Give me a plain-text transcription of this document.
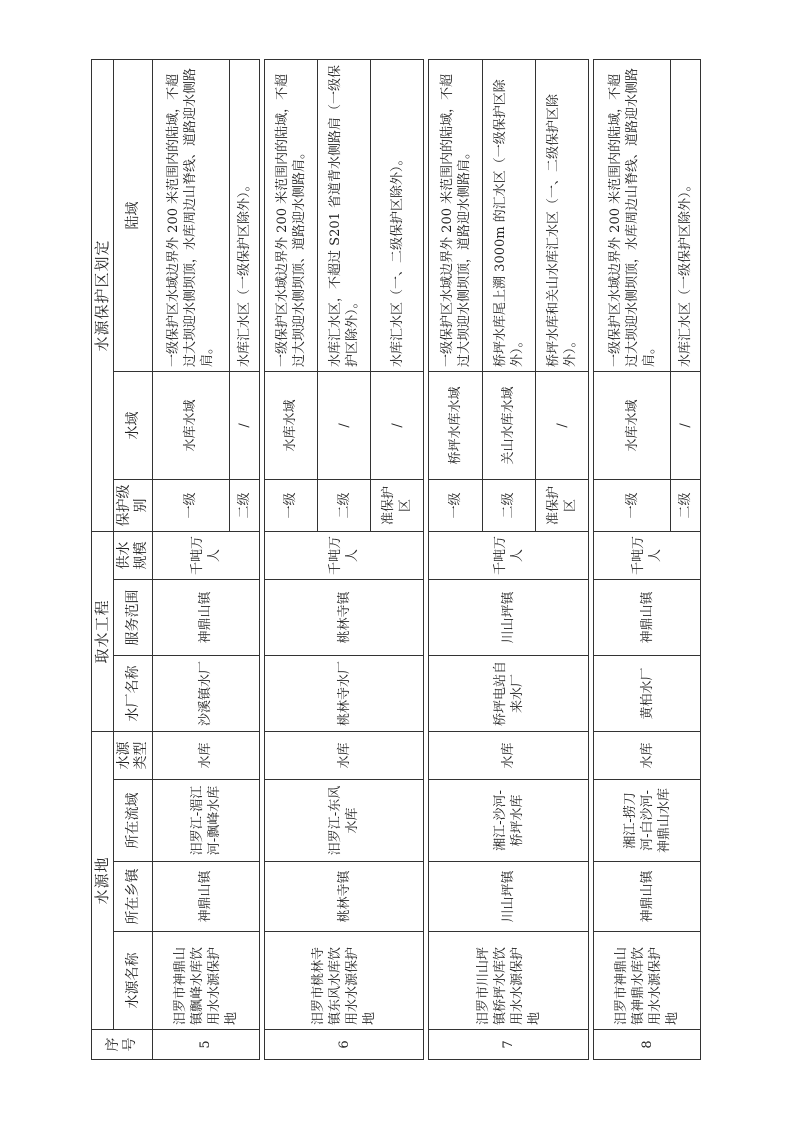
序号	水源地				取水工程			水源保护区划定		
	水源名称	所在乡镇	所在流域	水源类型	水厂名称	服务范围	供水规模	保护级别	水域	陆域
5	汨罗市神鼎山镇飘峰水库饮用水水源保护地	神鼎山镇	汨罗江-湄江河-飘峰水库	水库	沙溪镇水厂	神鼎山镇	千吨万人	一级	水库水域	一级保护区水域边界外 200 米范围内的陆域，不超过大坝迎水侧坝顶，水库周边山脊线、道路迎水侧路肩。
								二级	/	水库汇水区（一级保护区除外）。

6	汨罗市桃林寺镇东风水库饮用水水源保护地	桃林寺镇	汨罗江-东风水库	水库	桃林寺水厂	桃林寺镇	千吨万人	一级	水库水域	一级保护区水域边界外 200 米范围内的陆域，不超过大坝迎水侧坝顶、道路迎水侧路肩。
								二级	/	水库汇水区，不超过 S201 省道背水侧路肩（一级保护区除外）。
								准保护区	/	水库汇水区（一、二级保护区除外）。

7	汨罗市川山坪镇桥坪水库饮用水水源保护地	川山坪镇	湘江-沙河-桥坪水库	水库	桥坪电站自来水厂	川山坪镇	千吨万人	一级	桥坪水库水域	一级保护区水域边界外 200 米范围内的陆域，不超过大坝迎水侧坝顶，道路迎水侧路肩。
								二级	关山水库水域	桥坪水库尾上溯 3000m 的汇水区（一级保护区除外）。
								准保护区	/	桥坪水库和关山水库汇水区（一、二级保护区除外）。

8	汨罗市神鼎山镇神鼎水库饮用水水源保护地	神鼎山镇	湘江-捞刀河-白沙河-神鼎山水库	水库	黄柏水厂	神鼎山镇	千吨万人	一级	水库水域	一级保护区水域边界外 200 米范围内的陆域，不超过大坝迎水侧坝顶，水库周边山脊线、道路迎水侧路肩。
								二级	/	水库汇水区（一级保护区除外）。
